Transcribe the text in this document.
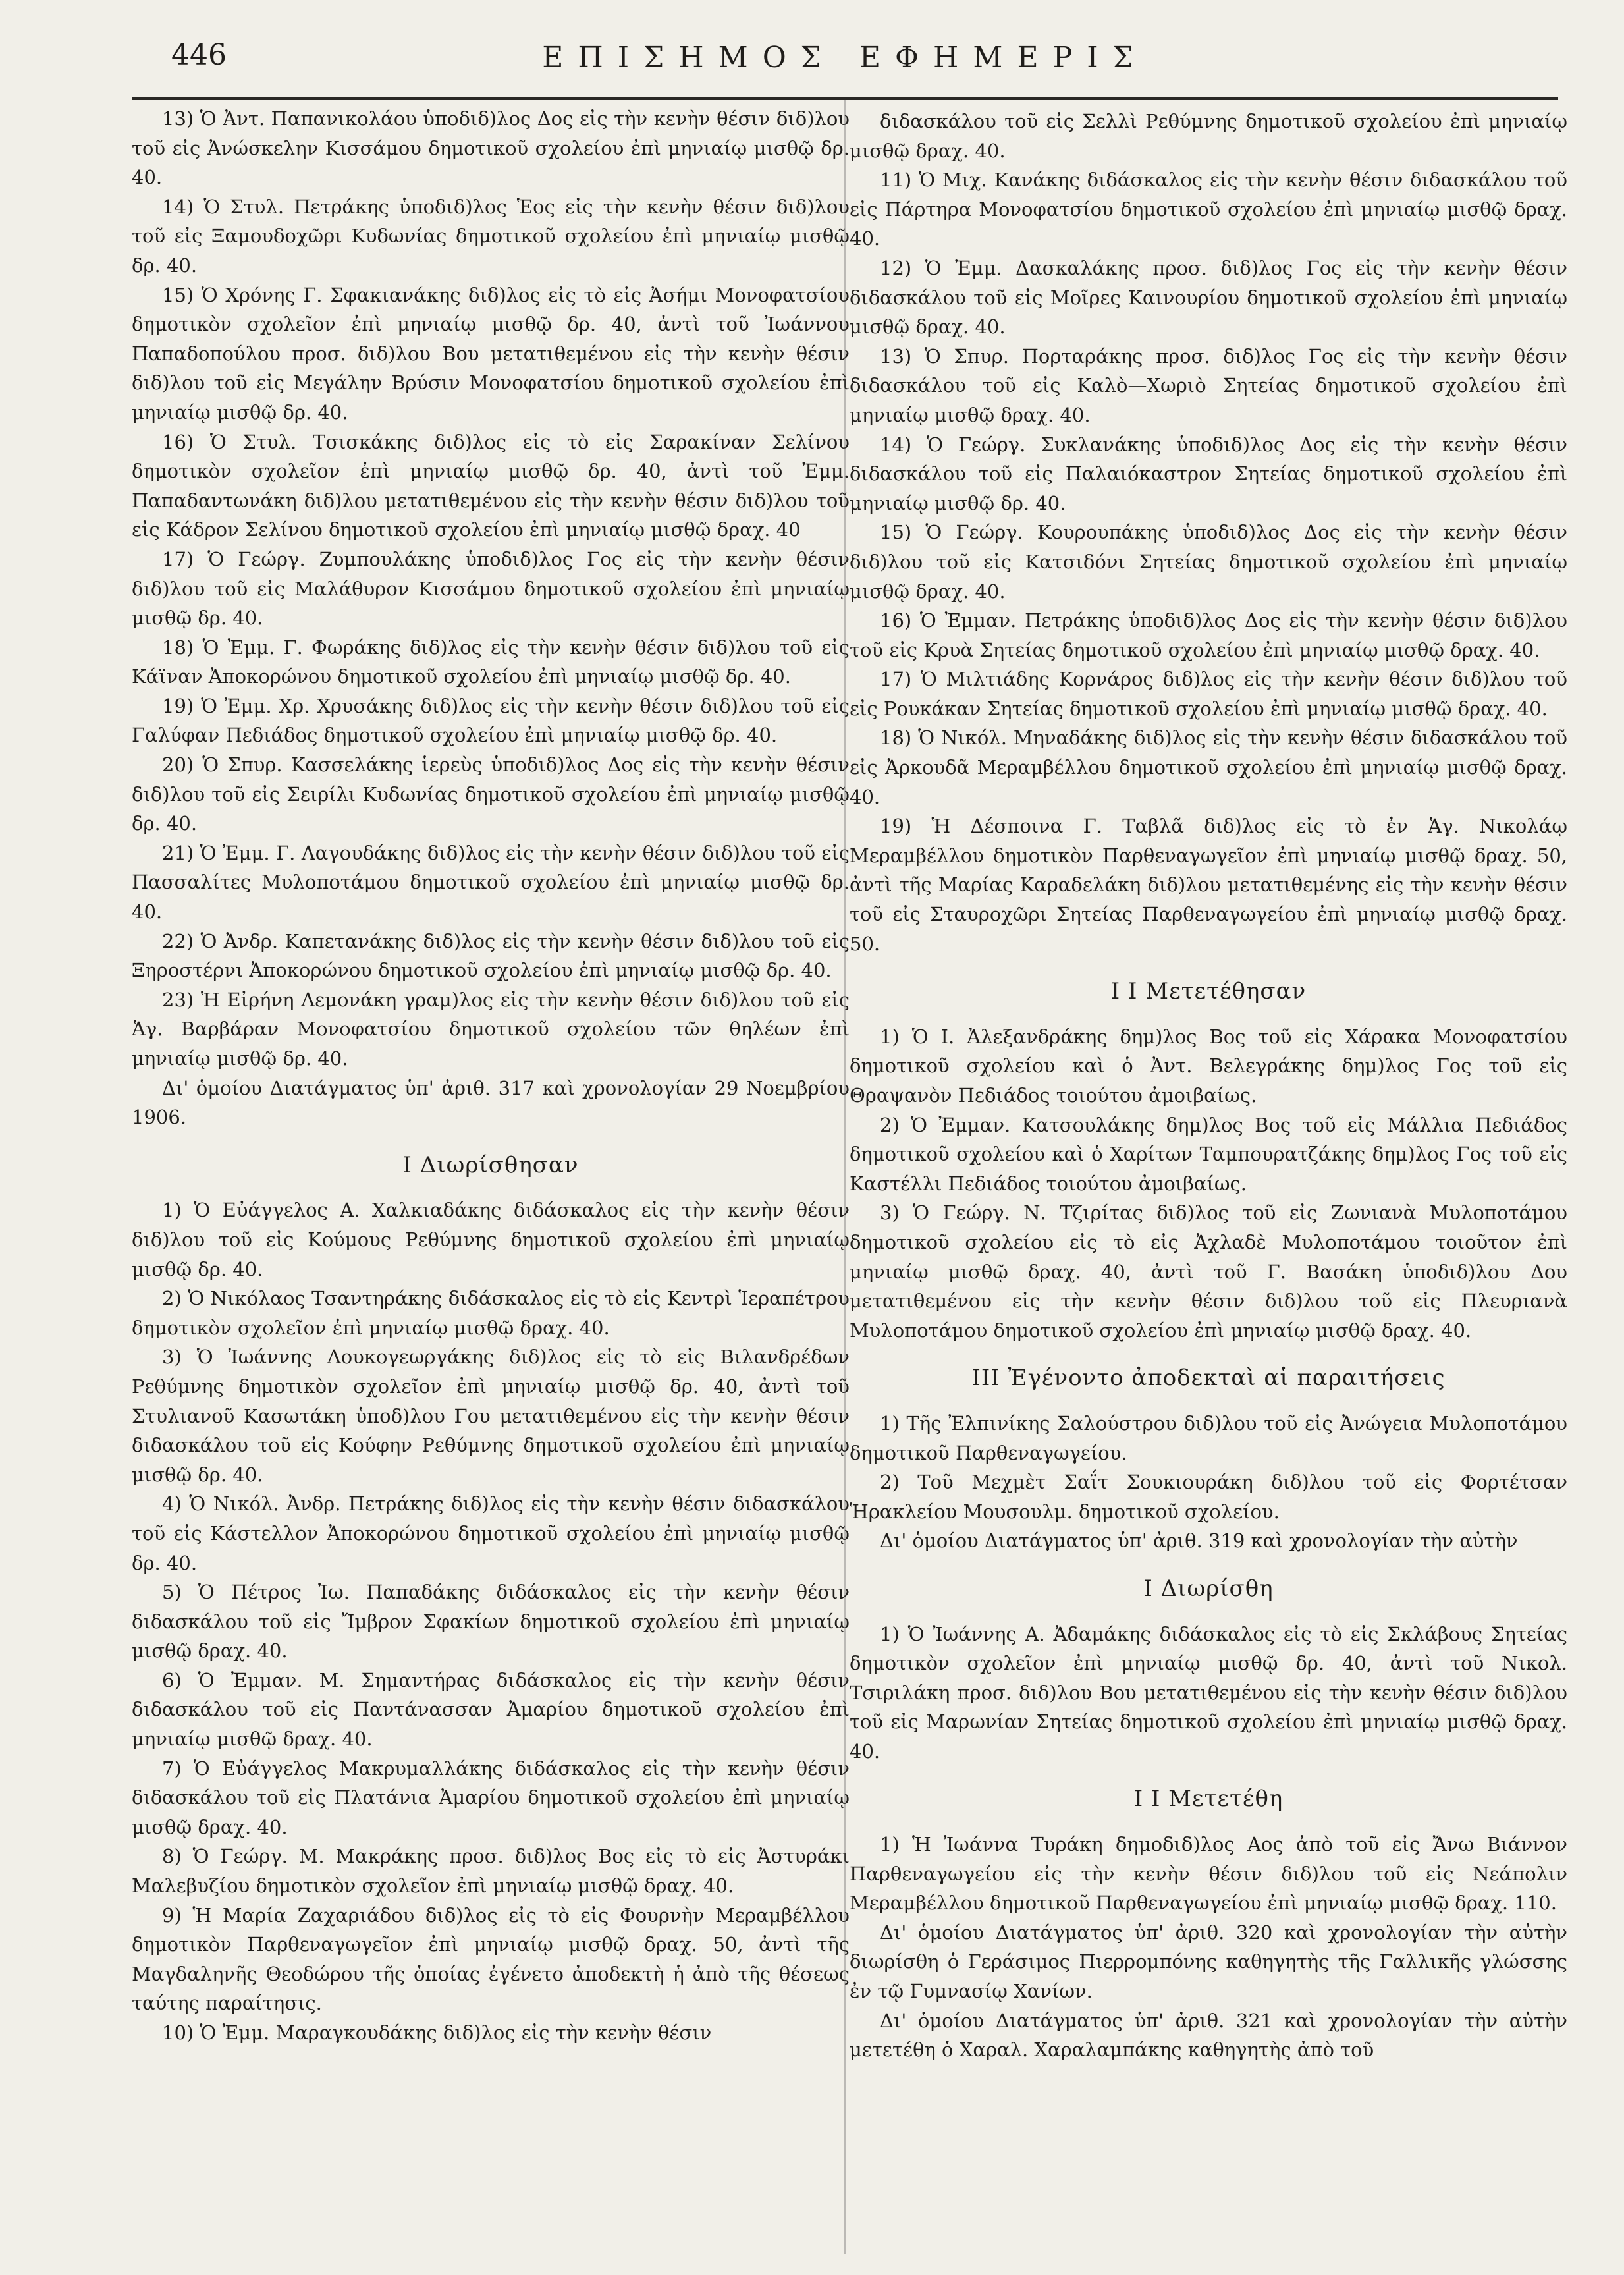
446	ΕΠΙΣΗΜΟΣ ΕΦΗΜΕΡΙΣ

13) Ὁ Ἀντ. Παπανικολάου ὑποδιδ)λος Δος εἰς τὴν κενὴν θέσιν διδ)λου τοῦ εἰς Ἀνώσκελην Κισσάμου δημοτικοῦ σχολείου ἐπὶ μηνιαίῳ μισθῷ δρ. 40.

14) Ὁ Στυλ. Πετράκης ὑποδιδ)λος Ἑος εἰς τὴν κενὴν θέσιν διδ)λου τοῦ εἰς Ξαμουδοχῶρι Κυδωνίας δημοτικοῦ σχολείου ἐπὶ μηνιαίῳ μισθῷ δρ. 40.

15) Ὁ Χρόνης Γ. Σφακιανάκης διδ)λος εἰς τὸ εἰς Ἀσήμι Μονοφατσίου δημοτικὸν σχολεῖον ἐπὶ μηνιαίῳ μισθῷ δρ. 40, ἀντὶ τοῦ Ἰωάννου Παπαδοπούλου προσ. διδ)λου Βου μετατιθεμένου εἰς τὴν κενὴν θέσιν διδ)λου τοῦ εἰς Μεγάλην Βρύσιν Μονοφατσίου δημοτικοῦ σχολείου ἐπὶ μηνιαίῳ μισθῷ δρ. 40.

16) Ὁ Στυλ. Τσισκάκης διδ)λος εἰς τὸ εἰς Σαρακίναν Σελίνου δημοτικὸν σχολεῖον ἐπὶ μηνιαίῳ μισθῷ δρ. 40, ἀντὶ τοῦ Ἐμμ. Παπαδαντωνάκη διδ)λου μετατιθεμένου εἰς τὴν κενὴν θέσιν διδ)λου τοῦ εἰς Κάδρον Σελίνου δημοτικοῦ σχολείου ἐπὶ μηνιαίῳ μισθῷ δραχ. 40

17) Ὁ Γεώργ. Ζυμπουλάκης ὑποδιδ)λος Γος εἰς τὴν κενὴν θέσιν διδ)λου τοῦ εἰς Μαλάθυρον Κισσάμου δημοτικοῦ σχολείου ἐπὶ μηνιαίῳ μισθῷ δρ. 40.

18) Ὁ Ἐμμ. Γ. Φωράκης διδ)λος εἰς τὴν κενὴν θέσιν διδ)λου τοῦ εἰς Κάϊναν Ἀποκορώνου δημοτικοῦ σχολείου ἐπὶ μηνιαίῳ μισθῷ δρ. 40.

19) Ὁ Ἐμμ. Χρ. Χρυσάκης διδ)λος εἰς τὴν κενὴν θέσιν διδ)λου τοῦ εἰς Γαλύφαν Πεδιάδος δημοτικοῦ σχολείου ἐπὶ μηνιαίῳ μισθῷ δρ. 40.

20) Ὁ Σπυρ. Κασσελάκης ἱερεὺς ὑποδιδ)λος Δος εἰς τὴν κενὴν θέσιν διδ)λου τοῦ εἰς Σειρίλι Κυδωνίας δημοτικοῦ σχολείου ἐπὶ μηνιαίῳ μισθῷ δρ. 40.

21) Ὁ Ἐμμ. Γ. Λαγουδάκης διδ)λος εἰς τὴν κενὴν θέσιν διδ)λου τοῦ εἰς Πασσαλίτες Μυλοποτάμου δημοτικοῦ σχολείου ἐπὶ μηνιαίῳ μισθῷ δρ. 40.

22) Ὁ Ἀνδρ. Καπετανάκης διδ)λος εἰς τὴν κενὴν θέσιν διδ)λου τοῦ εἰς Ξηροστέρνι Ἀποκορώνου δημοτικοῦ σχολείου ἐπὶ μηνιαίῳ μισθῷ δρ. 40.

23) Ἡ Εἰρήνη Λεμονάκη γραμ)λος εἰς τὴν κενὴν θέσιν διδ)λου τοῦ εἰς Ἁγ. Βαρβάραν Μονοφατσίου δημοτικοῦ σχολείου τῶν θηλέων ἐπὶ μηνιαίῳ μισθῷ δρ. 40.

Δι' ὁμοίου Διατάγματος ὑπ' ἀριθ. 317 καὶ χρονολογίαν 29 Νοεμβρίου 1906.

Ι Διωρίσθησαν

1) Ὁ Εὐάγγελος Α. Χαλκιαδάκης διδάσκαλος εἰς τὴν κενὴν θέσιν διδ)λου τοῦ εἰς Κούμους Ρεθύμνης δημοτικοῦ σχολείου ἐπὶ μηνιαίῳ μισθῷ δρ. 40.

2) Ὁ Νικόλαος Τσαντηράκης διδάσκαλος εἰς τὸ εἰς Κεντρὶ Ἱεραπέτρου δημοτικὸν σχολεῖον ἐπὶ μηνιαίῳ μισθῷ δραχ. 40.

3) Ὁ Ἰωάννης Λουκογεωργάκης διδ)λος εἰς τὸ εἰς Βιλανδρέδων Ρεθύμνης δημοτικὸν σχολεῖον ἐπὶ μηνιαίῳ μισθῷ δρ. 40, ἀντὶ τοῦ Στυλιανοῦ Κασωτάκη ὑποδ)λου Γου μετατιθεμένου εἰς τὴν κενὴν θέσιν διδασκάλου τοῦ εἰς Κούφην Ρεθύμνης δημοτικοῦ σχολείου ἐπὶ μηνιαίῳ μισθῷ δρ. 40.

4) Ὁ Νικόλ. Ἀνδρ. Πετράκης διδ)λος εἰς τὴν κενὴν θέσιν διδασκάλου τοῦ εἰς Κάστελλον Ἀποκορώνου δημοτικοῦ σχολείου ἐπὶ μηνιαίῳ μισθῷ δρ. 40.

5) Ὁ Πέτρος Ἰω. Παπαδάκης διδάσκαλος εἰς τὴν κενὴν θέσιν διδασκάλου τοῦ εἰς Ἴμβρον Σφακίων δημοτικοῦ σχολείου ἐπὶ μηνιαίῳ μισθῷ δραχ. 40.

6) Ὁ Ἐμμαν. Μ. Σημαντήρας διδάσκαλος εἰς τὴν κενὴν θέσιν διδασκάλου τοῦ εἰς Παντάνασσαν Ἀμαρίου δημοτικοῦ σχολείου ἐπὶ μηνιαίῳ μισθῷ δραχ. 40.

7) Ὁ Εὐάγγελος Μακρυμαλλάκης διδάσκαλος εἰς τὴν κενὴν θέσιν διδασκάλου τοῦ εἰς Πλατάνια Ἀμαρίου δημοτικοῦ σχολείου ἐπὶ μηνιαίῳ μισθῷ δραχ. 40.

8) Ὁ Γεώργ. Μ. Μακράκης προσ. διδ)λος Βος εἰς τὸ εἰς Ἀστυράκι Μαλεβυζίου δημοτικὸν σχολεῖον ἐπὶ μηνιαίῳ μισθῷ δραχ. 40.

9) Ἡ Μαρία Ζαχαριάδου διδ)λος εἰς τὸ εἰς Φουρνὴν Μεραμβέλλου δημοτικὸν Παρθεναγωγεῖον ἐπὶ μηνιαίῳ μισθῷ δραχ. 50, ἀντὶ τῆς Μαγδαληνῆς Θεοδώρου τῆς ὁποίας ἐγένετο ἀποδεκτὴ ἡ ἀπὸ τῆς θέσεως ταύτης παραίτησις.

10) Ὁ Ἐμμ. Μαραγκουδάκης διδ)λος εἰς τὴν κενὴν θέσιν

διδασκάλου τοῦ εἰς Σελλὶ Ρεθύμνης δημοτικοῦ σχολείου ἐπὶ μηνιαίῳ μισθῷ δραχ. 40.

11) Ὁ Μιχ. Κανάκης διδάσκαλος εἰς τὴν κενὴν θέσιν διδασκάλου τοῦ εἰς Πάρτηρα Μονοφατσίου δημοτικοῦ σχολείου ἐπὶ μηνιαίῳ μισθῷ δραχ. 40.

12) Ὁ Ἐμμ. Δασκαλάκης προσ. διδ)λος Γος εἰς τὴν κενὴν θέσιν διδασκάλου τοῦ εἰς Μοῖρες Καινουρίου δημοτικοῦ σχολείου ἐπὶ μηνιαίῳ μισθῷ δραχ. 40.

13) Ὁ Σπυρ. Πορταράκης προσ. διδ)λος Γος εἰς τὴν κενὴν θέσιν διδασκάλου τοῦ εἰς Καλὸ—Χωριὸ Σητείας δημοτικοῦ σχολείου ἐπὶ μηνιαίῳ μισθῷ δραχ. 40.

14) Ὁ Γεώργ. Συκλανάκης ὑποδιδ)λος Δος εἰς τὴν κενὴν θέσιν διδασκάλου τοῦ εἰς Παλαιόκαστρον Σητείας δημοτικοῦ σχολείου ἐπὶ μηνιαίῳ μισθῷ δρ. 40.

15) Ὁ Γεώργ. Κουρουπάκης ὑποδιδ)λος Δος εἰς τὴν κενὴν θέσιν διδ)λου τοῦ εἰς Κατσιδόνι Σητείας δημοτικοῦ σχολείου ἐπὶ μηνιαίῳ μισθῷ δραχ. 40.

16) Ὁ Ἐμμαν. Πετράκης ὑποδιδ)λος Δος εἰς τὴν κενὴν θέσιν διδ)λου τοῦ εἰς Κρυὰ Σητείας δημοτικοῦ σχολείου ἐπὶ μηνιαίῳ μισθῷ δραχ. 40.

17) Ὁ Μιλτιάδης Κορνάρος διδ)λος εἰς τὴν κενὴν θέσιν διδ)λου τοῦ εἰς Ρουκάκαν Σητείας δημοτικοῦ σχολείου ἐπὶ μηνιαίῳ μισθῷ δραχ. 40.

18) Ὁ Νικόλ. Μηναδάκης διδ)λος εἰς τὴν κενὴν θέσιν διδασκάλου τοῦ εἰς Ἀρκουδᾶ Μεραμβέλλου δημοτικοῦ σχολείου ἐπὶ μηνιαίῳ μισθῷ δραχ. 40.

19) Ἡ Δέσποινα Γ. Ταβλᾶ διδ)λος εἰς τὸ ἐν Ἁγ. Νικολάῳ Μεραμβέλλου δημοτικὸν Παρθεναγωγεῖον ἐπὶ μηνιαίῳ μισθῷ δραχ. 50, ἀντὶ τῆς Μαρίας Καραδελάκη διδ)λου μετατιθεμένης εἰς τὴν κενὴν θέσιν τοῦ εἰς Σταυροχῶρι Σητείας Παρθεναγωγείου ἐπὶ μηνιαίῳ μισθῷ δραχ. 50.

Ι Ι Μετετέθησαν

1) Ὁ Ι. Ἀλεξανδράκης δημ)λος Βος τοῦ εἰς Χάρακα Μονοφατσίου δημοτικοῦ σχολείου καὶ ὁ Ἀντ. Βελεγράκης δημ)λος Γος τοῦ εἰς Θραψανὸν Πεδιάδος τοιούτου ἀμοιβαίως.

2) Ὁ Ἐμμαν. Κατσουλάκης δημ)λος Βος τοῦ εἰς Μάλλια Πεδιάδος δημοτικοῦ σχολείου καὶ ὁ Χαρίτων Ταμπουρατζάκης δημ)λος Γος τοῦ εἰς Καστέλλι Πεδιάδος τοιούτου ἀμοιβαίως.

3) Ὁ Γεώργ. Ν. Τζιρίτας διδ)λος τοῦ εἰς Ζωνιανὰ Μυλοποτάμου δημοτικοῦ σχολείου εἰς τὸ εἰς Ἀχλαδὲ Μυλοποτάμου τοιοῦτον ἐπὶ μηνιαίῳ μισθῷ δραχ. 40, ἀντὶ τοῦ Γ. Βασάκη ὑποδιδ)λου Δου μετατιθεμένου εἰς τὴν κενὴν θέσιν διδ)λου τοῦ εἰς Πλευριανὰ Μυλοποτάμου δημοτικοῦ σχολείου ἐπὶ μηνιαίῳ μισθῷ δραχ. 40.

ΙΙΙ Ἐγένοντο ἀποδεκταὶ αἱ παραιτήσεις

1) Τῆς Ἐλπινίκης Σαλούστρου διδ)λου τοῦ εἰς Ἀνώγεια Μυλοποτάμου δημοτικοῦ Παρθεναγωγείου.

2) Τοῦ Μεχμὲτ Σαΐτ Σουκιουράκη διδ)λου τοῦ εἰς Φορτέτσαν Ἡρακλείου Μουσουλμ. δημοτικοῦ σχολείου.

Δι' ὁμοίου Διατάγματος ὑπ' ἀριθ. 319 καὶ χρονολογίαν τὴν αὐτὴν

Ι Διωρίσθη

1) Ὁ Ἰωάννης Α. Ἀδαμάκης διδάσκαλος εἰς τὸ εἰς Σκλάβους Σητείας δημοτικὸν σχολεῖον ἐπὶ μηνιαίῳ μισθῷ δρ. 40, ἀντὶ τοῦ Νικολ. Τσιριλάκη προσ. διδ)λου Βου μετατιθεμένου εἰς τὴν κενὴν θέσιν διδ)λου τοῦ εἰς Μαρωνίαν Σητείας δημοτικοῦ σχολείου ἐπὶ μηνιαίῳ μισθῷ δραχ. 40.

Ι Ι Μετετέθη

1) Ἡ Ἰωάννα Τυράκη δημοδιδ)λος Αος ἀπὸ τοῦ εἰς Ἄνω Βιάννον Παρθεναγωγείου εἰς τὴν κενὴν θέσιν διδ)λου τοῦ εἰς Νεάπολιν Μεραμβέλλου δημοτικοῦ Παρθεναγωγείου ἐπὶ μηνιαίῳ μισθῷ δραχ. 110.

Δι' ὁμοίου Διατάγματος ὑπ' ἀριθ. 320 καὶ χρονολογίαν τὴν αὐτὴν διωρίσθη ὁ Γεράσιμος Πιερρομπόνης καθηγητὴς τῆς Γαλλικῆς γλώσσης ἐν τῷ Γυμνασίῳ Χανίων.

Δι' ὁμοίου Διατάγματος ὑπ' ἀριθ. 321 καὶ χρονολογίαν τὴν αὐτὴν μετετέθη ὁ Χαραλ. Χαραλαμπάκης καθηγητὴς ἀπὸ τοῦ
